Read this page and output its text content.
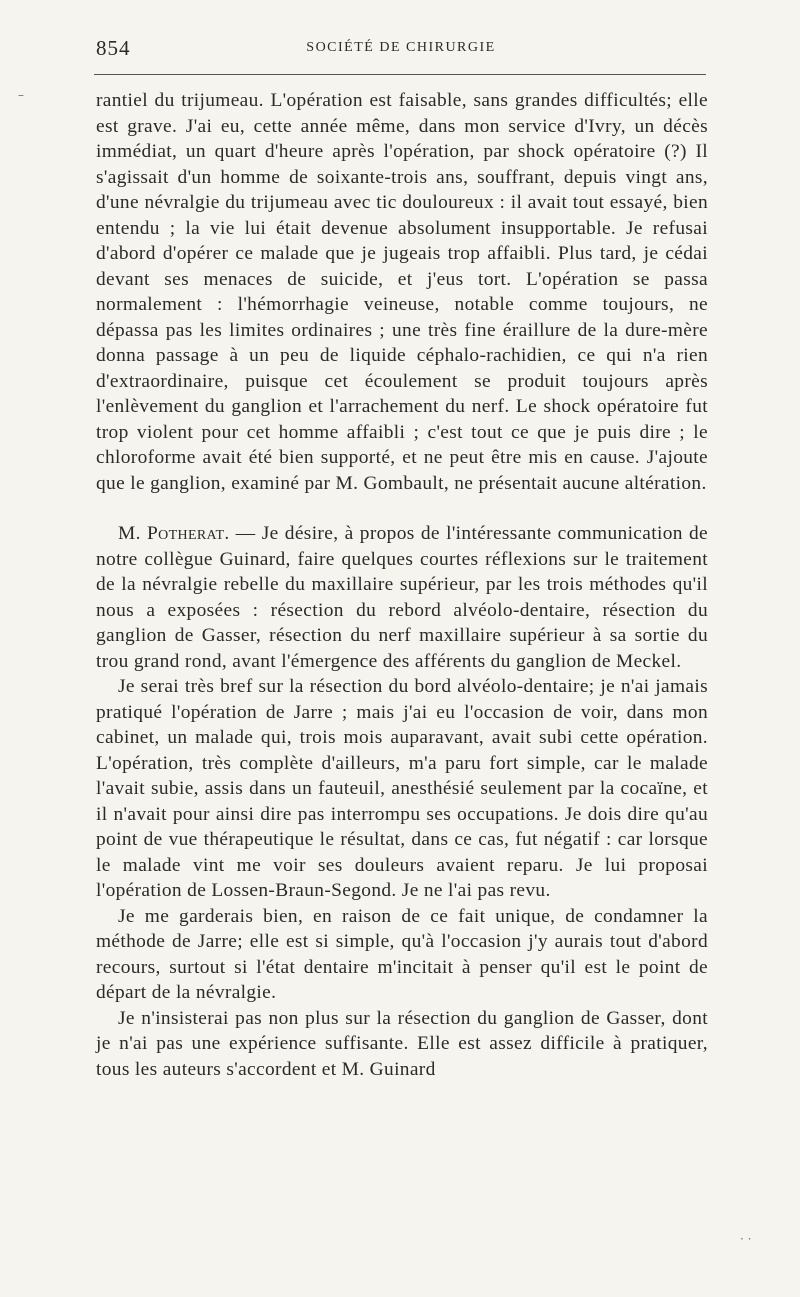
854	SOCIÉTÉ DE CHIRURGIE

rantiel du trijumeau. L'opération est faisable, sans grandes difficultés; elle est grave. J'ai eu, cette année même, dans mon service d'Ivry, un décès immédiat, un quart d'heure après l'opération, par shock opératoire (?) Il s'agissait d'un homme de soixante-trois ans, souffrant, depuis vingt ans, d'une névralgie du trijumeau avec tic douloureux : il avait tout essayé, bien entendu ; la vie lui était devenue absolument insupportable. Je refusai d'abord d'opérer ce malade que je jugeais trop affaibli. Plus tard, je cédai devant ses menaces de suicide, et j'eus tort. L'opération se passa normalement : l'hémorrhagie veineuse, notable comme toujours, ne dépassa pas les limites ordinaires ; une très fine éraillure de la dure-mère donna passage à un peu de liquide céphalo-rachidien, ce qui n'a rien d'extraordinaire, puisque cet écoulement se produit toujours après l'enlèvement du ganglion et l'arrachement du nerf. Le shock opératoire fut trop violent pour cet homme affaibli ; c'est tout ce que je puis dire ; le chloroforme avait été bien supporté, et ne peut être mis en cause. J'ajoute que le ganglion, examiné par M. Gombault, ne présentait aucune altération.

M. Potherat. — Je désire, à propos de l'intéressante communication de notre collègue Guinard, faire quelques courtes réflexions sur le traitement de la névralgie rebelle du maxillaire supérieur, par les trois méthodes qu'il nous a exposées : résection du rebord alvéolo-dentaire, résection du ganglion de Gasser, résection du nerf maxillaire supérieur à sa sortie du trou grand rond, avant l'émergence des afférents du ganglion de Meckel.

Je serai très bref sur la résection du bord alvéolo-dentaire; je n'ai jamais pratiqué l'opération de Jarre ; mais j'ai eu l'occasion de voir, dans mon cabinet, un malade qui, trois mois auparavant, avait subi cette opération. L'opération, très complète d'ailleurs, m'a paru fort simple, car le malade l'avait subie, assis dans un fauteuil, anesthésié seulement par la cocaïne, et il n'avait pour ainsi dire pas interrompu ses occupations. Je dois dire qu'au point de vue thérapeutique le résultat, dans ce cas, fut négatif : car lorsque le malade vint me voir ses douleurs avaient reparu. Je lui proposai l'opération de Lossen-Braun-Segond. Je ne l'ai pas revu.

Je me garderais bien, en raison de ce fait unique, de condamner la méthode de Jarre; elle est si simple, qu'à l'occasion j'y aurais tout d'abord recours, surtout si l'état dentaire m'incitait à penser qu'il est le point de départ de la névralgie.

Je n'insisterai pas non plus sur la résection du ganglion de Gasser, dont je n'ai pas une expérience suffisante. Elle est assez difficile à pratiquer, tous les auteurs s'accordent et M. Guinard

–
· ·
